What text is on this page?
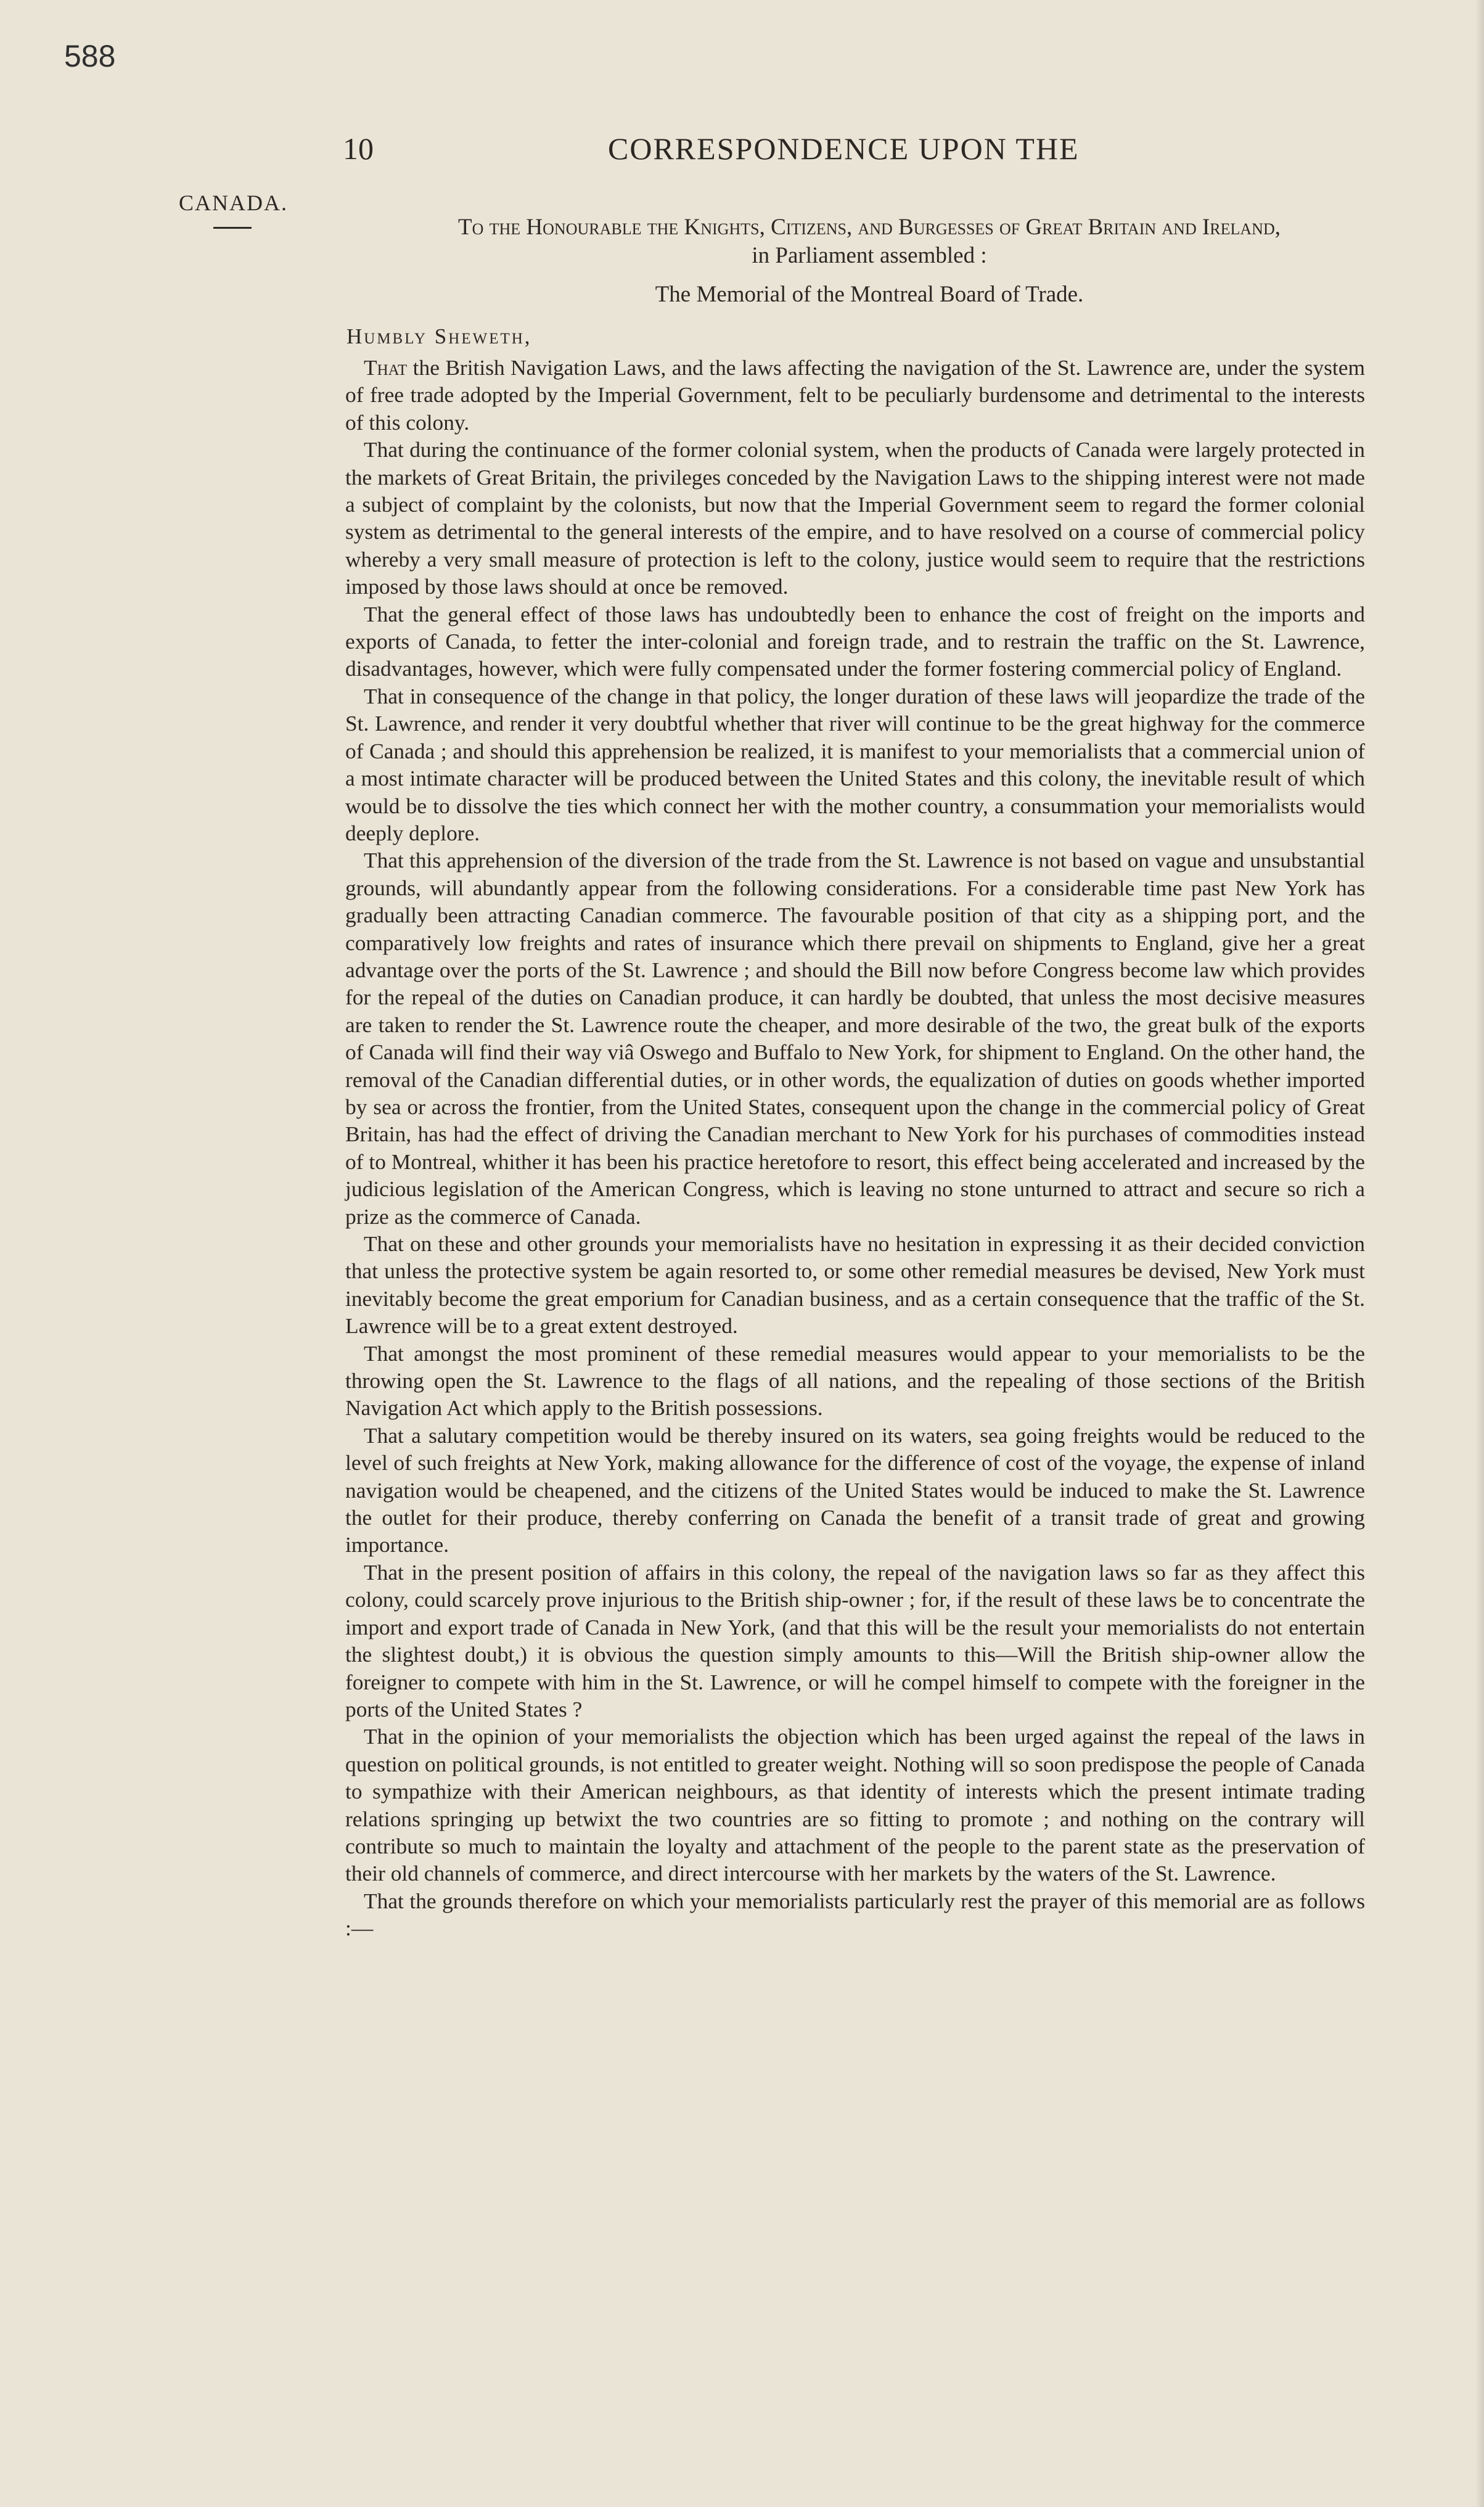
588
10	CORRESPONDENCE UPON THE
CANADA.
To the Honourable the Knights, Citizens, and Burgesses of Great Britain and Ireland,
in Parliament assembled :
The Memorial of the Montreal Board of Trade.
Humbly Sheweth,

That the British Navigation Laws, and the laws affecting the navigation of the St. Lawrence are, under the system of free trade adopted by the Imperial Government, felt to be peculiarly burdensome and detrimental to the interests of this colony.

That during the continuance of the former colonial system, when the products of Canada were largely protected in the markets of Great Britain, the privileges conceded by the Navigation Laws to the shipping interest were not made a subject of complaint by the colonists, but now that the Imperial Government seem to regard the former colonial system as detrimental to the general interests of the empire, and to have resolved on a course of commercial policy whereby a very small measure of protection is left to the colony, justice would seem to require that the restrictions imposed by those laws should at once be removed.

That the general effect of those laws has undoubtedly been to enhance the cost of freight on the imports and exports of Canada, to fetter the inter-colonial and foreign trade, and to restrain the traffic on the St. Lawrence, disadvantages, however, which were fully compensated under the former fostering commercial policy of England.

That in consequence of the change in that policy, the longer duration of these laws will jeopardize the trade of the St. Lawrence, and render it very doubtful whether that river will continue to be the great highway for the commerce of Canada ; and should this apprehension be realized, it is manifest to your memorialists that a commercial union of a most intimate character will be produced between the United States and this colony, the inevitable result of which would be to dissolve the ties which connect her with the mother country, a consummation your memorialists would deeply deplore.

That this apprehension of the diversion of the trade from the St. Lawrence is not based on vague and unsubstantial grounds, will abundantly appear from the following considerations. For a considerable time past New York has gradually been attracting Canadian commerce. The favourable position of that city as a shipping port, and the comparatively low freights and rates of insurance which there prevail on shipments to England, give her a great advantage over the ports of the St. Lawrence ; and should the Bill now before Congress become law which provides for the repeal of the duties on Canadian produce, it can hardly be doubted, that unless the most decisive measures are taken to render the St. Lawrence route the cheaper, and more desirable of the two, the great bulk of the exports of Canada will find their way viâ Oswego and Buffalo to New York, for shipment to England. On the other hand, the removal of the Canadian differential duties, or in other words, the equalization of duties on goods whether imported by sea or across the frontier, from the United States, consequent upon the change in the commercial policy of Great Britain, has had the effect of driving the Canadian merchant to New York for his purchases of commodities instead of to Montreal, whither it has been his practice heretofore to resort, this effect being accelerated and increased by the judicious legislation of the American Congress, which is leaving no stone unturned to attract and secure so rich a prize as the commerce of Canada.

That on these and other grounds your memorialists have no hesitation in expressing it as their decided conviction that unless the protective system be again resorted to, or some other remedial measures be devised, New York must inevitably become the great emporium for Canadian business, and as a certain consequence that the traffic of the St. Lawrence will be to a great extent destroyed.

That amongst the most prominent of these remedial measures would appear to your memorialists to be the throwing open the St. Lawrence to the flags of all nations, and the repealing of those sections of the British Navigation Act which apply to the British possessions.

That a salutary competition would be thereby insured on its waters, sea going freights would be reduced to the level of such freights at New York, making allowance for the difference of cost of the voyage, the expense of inland navigation would be cheapened, and the citizens of the United States would be induced to make the St. Lawrence the outlet for their produce, thereby conferring on Canada the benefit of a transit trade of great and growing importance.

That in the present position of affairs in this colony, the repeal of the navigation laws so far as they affect this colony, could scarcely prove injurious to the British ship-owner ; for, if the result of these laws be to concentrate the import and export trade of Canada in New York, (and that this will be the result your memorialists do not entertain the slightest doubt,) it is obvious the question simply amounts to this—Will the British ship-owner allow the foreigner to compete with him in the St. Lawrence, or will he compel himself to compete with the foreigner in the ports of the United States ?

That in the opinion of your memorialists the objection which has been urged against the repeal of the laws in question on political grounds, is not entitled to greater weight. Nothing will so soon predispose the people of Canada to sympathize with their American neighbours, as that identity of interests which the present intimate trading relations springing up betwixt the two countries are so fitting to promote ; and nothing on the contrary will contribute so much to maintain the loyalty and attachment of the people to the parent state as the preservation of their old channels of commerce, and direct intercourse with her markets by the waters of the St. Lawrence.

That the grounds therefore on which your memorialists particularly rest the prayer of this memorial are as follows :—
